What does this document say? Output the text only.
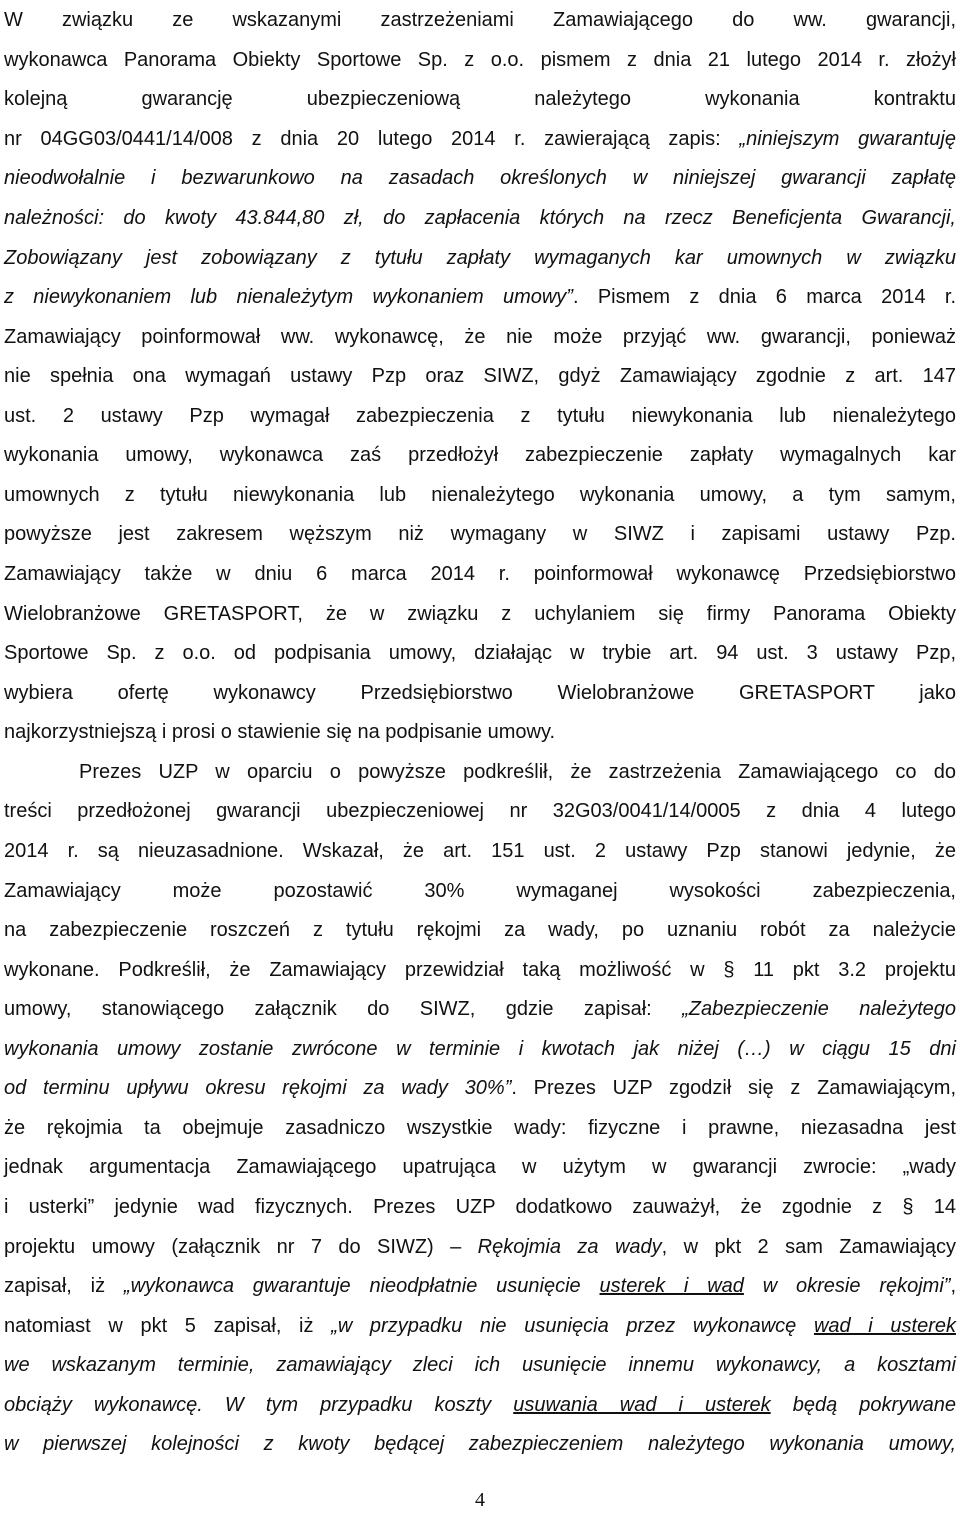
W związku ze wskazanymi zastrzeżeniami Zamawiającego do ww. gwarancji,
wykonawca Panorama Obiekty Sportowe Sp. z o.o. pismem z dnia 21 lutego 2014 r. złożył
kolejną gwarancję ubezpieczeniową należytego wykonania kontraktu
nr 04GG03/0441/14/008 z dnia 20 lutego 2014 r. zawierającą zapis: „niniejszym gwarantuję
nieodwołalnie i bezwarunkowo na zasadach określonych w niniejszej gwarancji zapłatę
należności: do kwoty 43.844,80 zł, do zapłacenia których na rzecz Beneficjenta Gwarancji,
Zobowiązany jest zobowiązany z tytułu zapłaty wymaganych kar umownych w związku
z niewykonaniem lub nienależytym wykonaniem umowy”. Pismem z dnia 6 marca 2014 r.
Zamawiający poinformował ww. wykonawcę, że nie może przyjąć ww. gwarancji, ponieważ
nie spełnia ona wymagań ustawy Pzp oraz SIWZ, gdyż Zamawiający zgodnie z art. 147
ust. 2 ustawy Pzp wymagał zabezpieczenia z tytułu niewykonania lub nienależytego
wykonania umowy, wykonawca zaś przedłożył zabezpieczenie zapłaty wymagalnych kar
umownych z tytułu niewykonania lub nienależytego wykonania umowy, a tym samym,
powyższe jest zakresem węższym niż wymagany w SIWZ i zapisami ustawy Pzp.
Zamawiający także w dniu 6 marca 2014 r. poinformował wykonawcę Przedsiębiorstwo
Wielobranżowe GRETASPORT, że w związku z uchylaniem się firmy Panorama Obiekty
Sportowe Sp. z o.o. od podpisania umowy, działając w trybie art. 94 ust. 3 ustawy Pzp,
wybiera ofertę wykonawcy Przedsiębiorstwo Wielobranżowe GRETASPORT jako
najkorzystniejszą i prosi o stawienie się na podpisanie umowy.
Prezes UZP w oparciu o powyższe podkreślił, że zastrzeżenia Zamawiającego co do
treści przedłożonej gwarancji ubezpieczeniowej nr 32G03/0041/14/0005 z dnia 4 lutego
2014 r. są nieuzasadnione. Wskazał, że art. 151 ust. 2 ustawy Pzp stanowi jedynie, że
Zamawiający może pozostawić 30% wymaganej wysokości zabezpieczenia,
na zabezpieczenie roszczeń z tytułu rękojmi za wady, po uznaniu robót za należycie
wykonane. Podkreślił, że Zamawiający przewidział taką możliwość w § 11 pkt 3.2 projektu
umowy, stanowiącego załącznik do SIWZ, gdzie zapisał: „Zabezpieczenie należytego
wykonania umowy zostanie zwrócone w terminie i kwotach jak niżej (…) w ciągu 15 dni
od terminu upływu okresu rękojmi za wady 30%”. Prezes UZP zgodził się z Zamawiającym,
że rękojmia ta obejmuje zasadniczo wszystkie wady: fizyczne i prawne, niezasadna jest
jednak argumentacja Zamawiającego upatrująca w użytym w gwarancji zwrocie: „wady
i usterki” jedynie wad fizycznych. Prezes UZP dodatkowo zauważył, że zgodnie z § 14
projektu umowy (załącznik nr 7 do SIWZ) – Rękojmia za wady, w pkt 2 sam Zamawiający
zapisał, iż „wykonawca gwarantuje nieodpłatnie usunięcie usterek i wad w okresie rękojmi”,
natomiast w pkt 5 zapisał, iż „w przypadku nie usunięcia przez wykonawcę wad i usterek
we wskazanym terminie, zamawiający zleci ich usunięcie innemu wykonawcy, a kosztami
obciąży wykonawcę. W tym przypadku koszty usuwania wad i usterek będą pokrywane
w pierwszej kolejności z kwoty będącej zabezpieczeniem należytego wykonania umowy,
4
